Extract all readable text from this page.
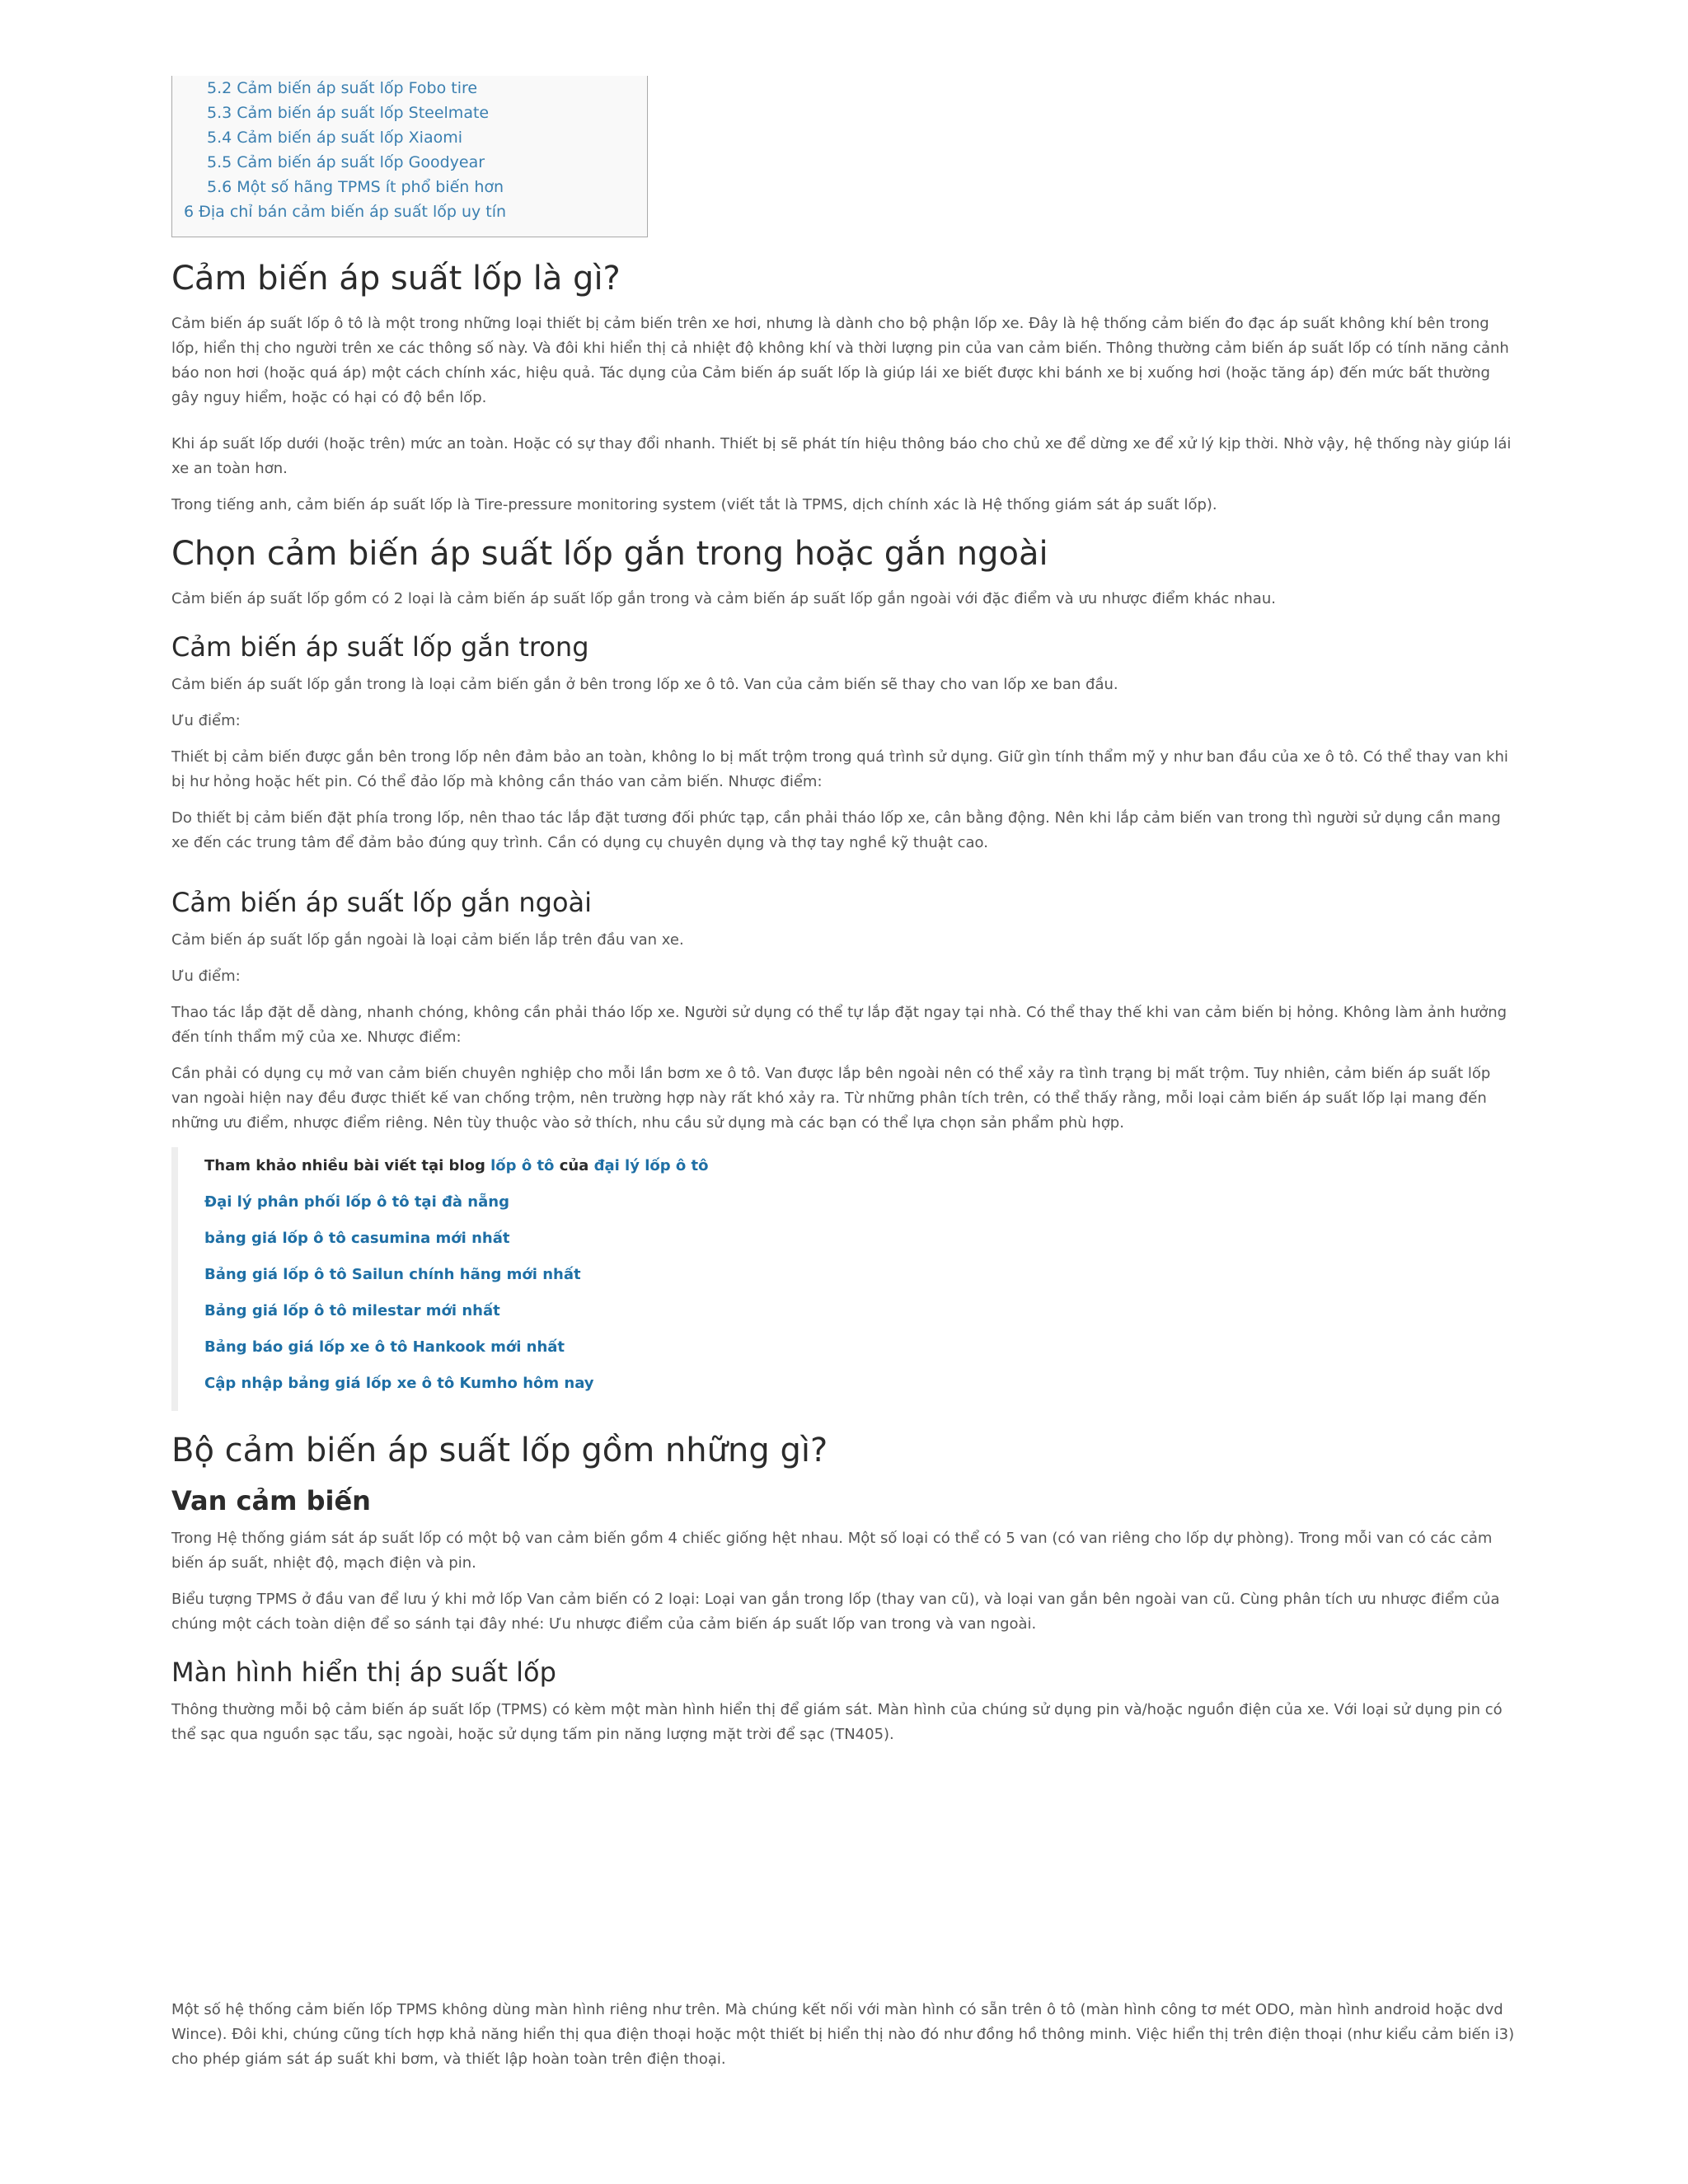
5.2 Cảm biến áp suất lốp Fobo tire
5.3 Cảm biến áp suất lốp Steelmate
5.4 Cảm biến áp suất lốp Xiaomi
5.5 Cảm biến áp suất lốp Goodyear
5.6 Một số hãng TPMS ít phổ biến hơn
6 Địa chỉ bán cảm biến áp suất lốp uy tín
Cảm biến áp suất lốp là gì?

Cảm biến áp suất lốp ô tô là một trong những loại thiết bị cảm biến trên xe hơi, nhưng là dành cho bộ phận lốp xe. Đây là hệ thống cảm biến đo đạc áp suất không khí bên trong lốp, hiển thị cho người trên xe các thông số này. Và đôi khi hiển thị cả nhiệt độ không khí và thời lượng pin của van cảm biến. Thông thường cảm biến áp suất lốp có tính năng cảnh báo non hơi (hoặc quá áp) một cách chính xác, hiệu quả. Tác dụng của Cảm biến áp suất lốp là giúp lái xe biết được khi bánh xe bị xuống hơi (hoặc tăng áp) đến mức bất thường gây nguy hiểm, hoặc có hại có độ bền lốp.

Khi áp suất lốp dưới (hoặc trên) mức an toàn. Hoặc có sự thay đổi nhanh. Thiết bị sẽ phát tín hiệu thông báo cho chủ xe để dừng xe để xử lý kịp thời. Nhờ vậy, hệ thống này giúp lái xe an toàn hơn.

Trong tiếng anh, cảm biến áp suất lốp là Tire-pressure monitoring system (viết tắt là TPMS, dịch chính xác là Hệ thống giám sát áp suất lốp).

Chọn cảm biến áp suất lốp gắn trong hoặc gắn ngoài

Cảm biến áp suất lốp gồm có 2 loại là cảm biến áp suất lốp gắn trong và cảm biến áp suất lốp gắn ngoài với đặc điểm và ưu nhược điểm khác nhau.

Cảm biến áp suất lốp gắn trong

Cảm biến áp suất lốp gắn trong là loại cảm biến gắn ở bên trong lốp xe ô tô. Van của cảm biến sẽ thay cho van lốp xe ban đầu.

Ưu điểm:

Thiết bị cảm biến được gắn bên trong lốp nên đảm bảo an toàn, không lo bị mất trộm trong quá trình sử dụng. Giữ gìn tính thẩm mỹ y như ban đầu của xe ô tô. Có thể thay van khi bị hư hỏng hoặc hết pin. Có thể đảo lốp mà không cần tháo van cảm biến. Nhược điểm:

Do thiết bị cảm biến đặt phía trong lốp, nên thao tác lắp đặt tương đối phức tạp, cần phải tháo lốp xe, cân bằng động. Nên khi lắp cảm biến van trong thì người sử dụng cần mang xe đến các trung tâm để đảm bảo đúng quy trình. Cần có dụng cụ chuyên dụng và thợ tay nghề kỹ thuật cao.

Cảm biến áp suất lốp gắn ngoài

Cảm biến áp suất lốp gắn ngoài là loại cảm biến lắp trên đầu van xe.

Ưu điểm:

Thao tác lắp đặt dễ dàng, nhanh chóng, không cần phải tháo lốp xe. Người sử dụng có thể tự lắp đặt ngay tại nhà. Có thể thay thế khi van cảm biến bị hỏng. Không làm ảnh hưởng đến tính thẩm mỹ của xe. Nhược điểm:

Cần phải có dụng cụ mở van cảm biến chuyên nghiệp cho mỗi lần bơm xe ô tô. Van được lắp bên ngoài nên có thể xảy ra tình trạng bị mất trộm. Tuy nhiên, cảm biến áp suất lốp van ngoài hiện nay đều được thiết kế van chống trộm, nên trường hợp này rất khó xảy ra. Từ những phân tích trên, có thể thấy rằng, mỗi loại cảm biến áp suất lốp lại mang đến những ưu điểm, nhược điểm riêng. Nên tùy thuộc vào sở thích, nhu cầu sử dụng mà các bạn có thể lựa chọn sản phẩm phù hợp.

Tham khảo nhiều bài viết tại blog lốp ô tô của đại lý lốp ô tô

Đại lý phân phối lốp ô tô tại đà nẵng

bảng giá lốp ô tô casumina mới nhất

Bảng giá lốp ô tô Sailun chính hãng mới nhất

Bảng giá lốp ô tô milestar mới nhất

Bảng báo giá lốp xe ô tô Hankook mới nhất

Cập nhập bảng giá lốp xe ô tô Kumho hôm nay

Bộ cảm biến áp suất lốp gồm những gì?
Van cảm biến

Trong Hệ thống giám sát áp suất lốp có một bộ van cảm biến gồm 4 chiếc giống hệt nhau. Một số loại có thể có 5 van (có van riêng cho lốp dự phòng). Trong mỗi van có các cảm biến áp suất, nhiệt độ, mạch điện và pin.

Biểu tượng TPMS ở đầu van để lưu ý khi mở lốp Van cảm biến có 2 loại: Loại van gắn trong lốp (thay van cũ), và loại van gắn bên ngoài van cũ. Cùng phân tích ưu nhược điểm của chúng một cách toàn diện để so sánh tại đây nhé: Ưu nhược điểm của cảm biến áp suất lốp van trong và van ngoài.

Màn hình hiển thị áp suất lốp

Thông thường mỗi bộ cảm biến áp suất lốp (TPMS) có kèm một màn hình hiển thị để giám sát. Màn hình của chúng sử dụng pin và/hoặc nguồn điện của xe. Với loại sử dụng pin có thể sạc qua nguồn sạc tẩu, sạc ngoài, hoặc sử dụng tấm pin năng lượng mặt trời để sạc (TN405).

Một số hệ thống cảm biến lốp TPMS không dùng màn hình riêng như trên. Mà chúng kết nối với màn hình có sẵn trên ô tô (màn hình công tơ mét ODO, màn hình android hoặc dvd Wince). Đôi khi, chúng cũng tích hợp khả năng hiển thị qua điện thoại hoặc một thiết bị hiển thị nào đó như đồng hồ thông minh. Việc hiển thị trên điện thoại (như kiểu cảm biến i3) cho phép giám sát áp suất khi bơm, và thiết lập hoàn toàn trên điện thoại.
